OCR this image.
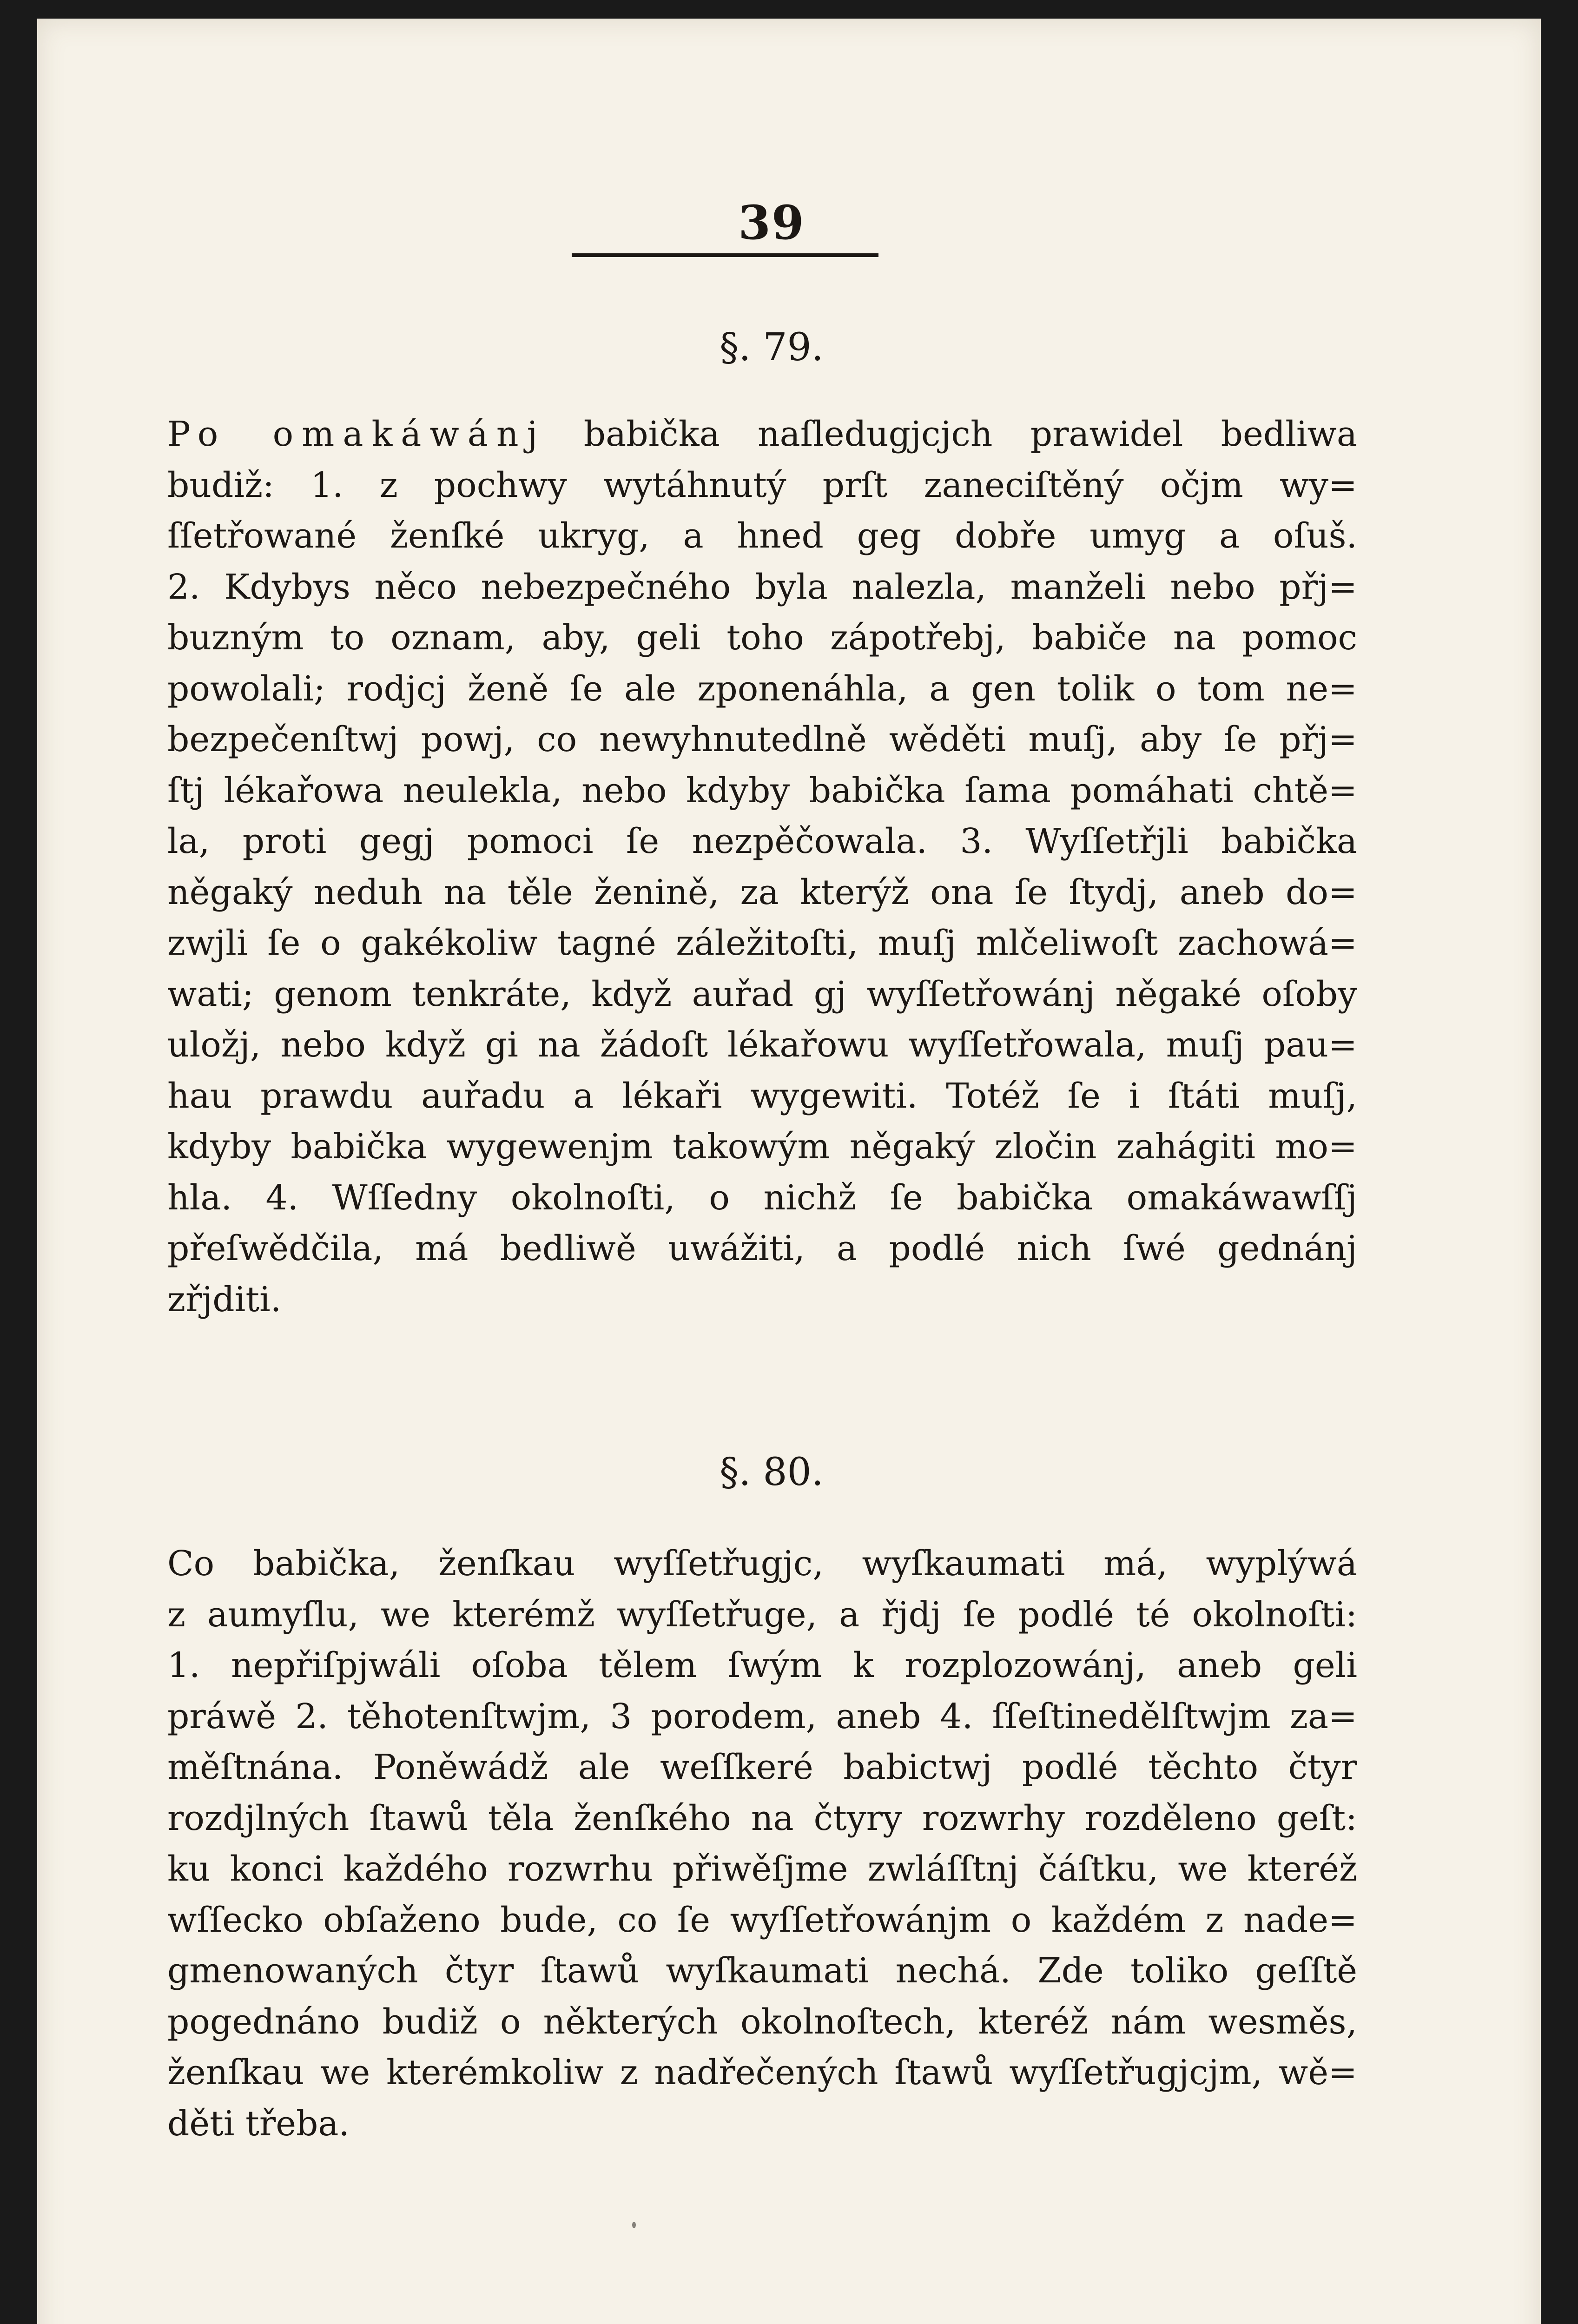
39
§. 79.
Po omakáwánj babička naſledugjcjch prawidel bedliwa
budiž: 1. z pochwy wytáhnutý prſt zaneciſtěný očjm wy=
ſſetřowané ženſké ukryg, a hned geg dobře umyg a oſuš.
2. Kdybys něco nebezpečného byla nalezla, manželi nebo přj=
buzným to oznam, aby, geli toho zápotřebj, babiče na pomoc
powolali; rodjcj ženě ſe ale zponenáhla, a gen tolik o tom ne=
bezpečenſtwj powj, co newyhnutedlně wěděti muſj, aby ſe přj=
ſtj lékařowa neulekla, nebo kdyby babička ſama pomáhati chtě=
la, proti gegj pomoci ſe nezpěčowala. 3. Wyſſetřjli babička
něgaký neduh na těle ženině, za kterýž ona ſe ſtydj, aneb do=
zwjli ſe o gakékoliw tagné záležitoſti, muſj mlčeliwoſt zachowá=
wati; genom tenkráte, když auřad gj wyſſetřowánj něgaké oſoby
uložj, nebo když gi na žádoſt lékařowu wyſſetřowala, muſj pau=
hau prawdu auřadu a lékaři wygewiti. Totéž ſe i ſtáti muſj,
kdyby babička wygewenjm takowým něgaký zločin zahágiti mo=
hla. 4. Wſſedny okolnoſti, o nichž ſe babička omakáwawſſj
přeſwědčila, má bedliwě uwážiti, a podlé nich ſwé gednánj
zřjditi.
§. 80.
Co babička, ženſkau wyſſetřugjc, wyſkaumati má, wyplýwá
z aumyſlu, we kterémž wyſſetřuge, a řjdj ſe podlé té okolnoſti:
1. nepřiſpjwáli oſoba tělem ſwým k rozplozowánj, aneb geli
práwě 2. těhotenſtwjm, 3 porodem, aneb 4. ſſeſtinedělſtwjm za=
měſtnána. Poněwádž ale weſſkeré babictwj podlé těchto čtyr
rozdjlných ſtawů těla ženſkého na čtyry rozwrhy rozděleno geſt:
ku konci každého rozwrhu přiwěſjme zwláſſtnj čáſtku, we kteréž
wſſecko obſaženo bude, co ſe wyſſetřowánjm o každém z nade=
gmenowaných čtyr ſtawů wyſkaumati nechá. Zde toliko geſſtě
pogednáno budiž o některých okolnoſtech, kteréž nám wesměs,
ženſkau we kterémkoliw z nadřečených ſtawů wyſſetřugjcjm, wě=
děti třeba.
